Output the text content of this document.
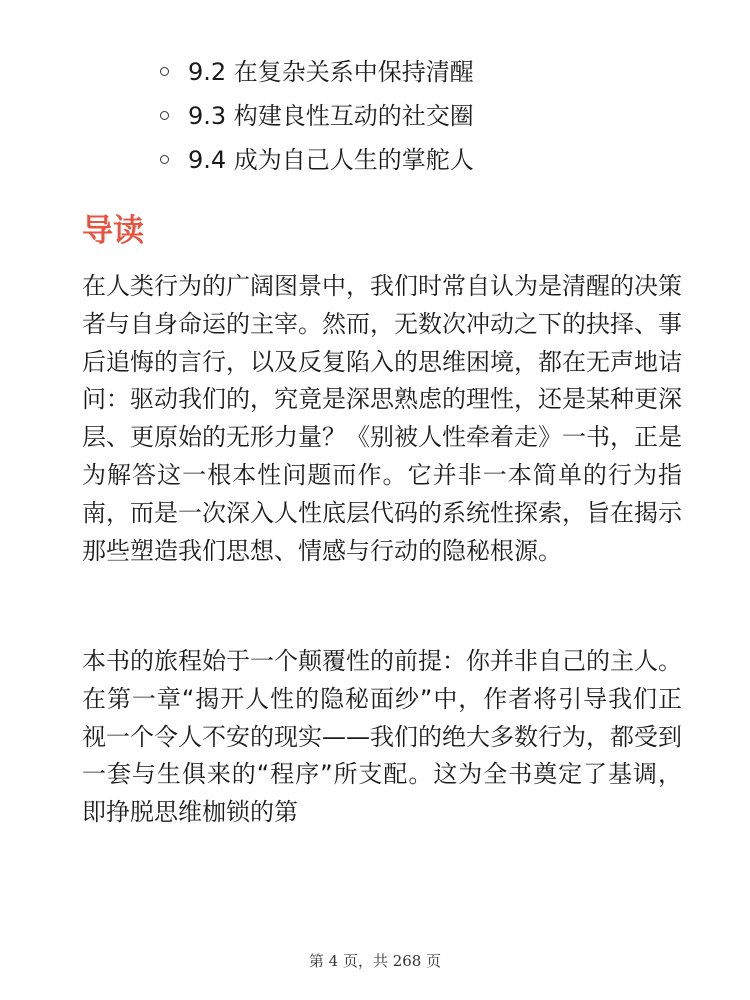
9.2 在复杂关系中保持清醒
9.3 构建良性互动的社交圈
9.4 成为自己人生的掌舵人
导读

在人类行为的广阔图景中，我们时常自认为是清醒的决策者与自身命运的主宰。然而，无数次冲动之下的抉择、事后追悔的言行，以及反复陷入的思维困境，都在无声地诘问：驱动我们的，究竟是深思熟虑的理性，还是某种更深层、更原始的无形力量？《别被人性牵着走》一书，正是为解答这一根本性问题而作。它并非一本简单的行为指南，而是一次深入人性底层代码的系统性探索，旨在揭示那些塑造我们思想、情感与行动的隐秘根源。

本书的旅程始于一个颠覆性的前提：你并非自己的主人。在第一章“揭开人性的隐秘面纱”中，作者将引导我们正视一个令人不安的现实——我们的绝大多数行为，都受到一套与生俱来的“程序”所支配。这为全书奠定了基调，即挣脱思维枷锁的第

第 4 页，共 268 页
